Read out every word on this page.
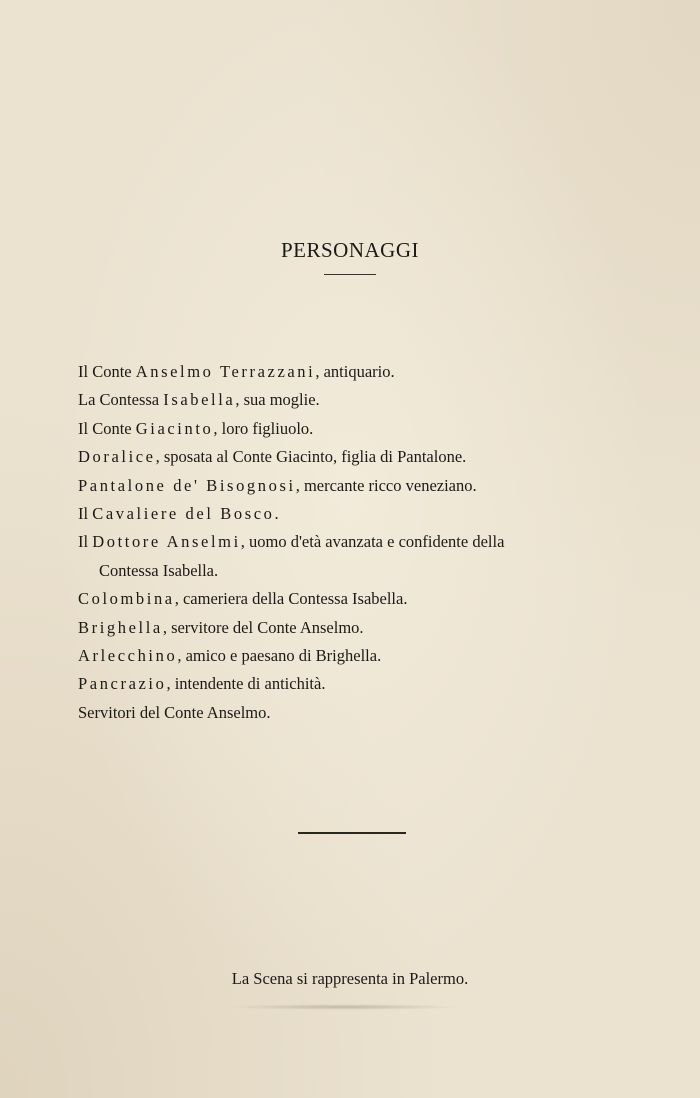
PERSONAGGI
Il Conte Anselmo Terrazzani, antiquario.
La Contessa Isabella, sua moglie.
Il Conte Giacinto, loro figliuolo.
Doralice, sposata al Conte Giacinto, figlia di Pantalone.
Pantalone de' Bisognosi, mercante ricco veneziano.
Il Cavaliere del Bosco.
Il Dottore Anselmi, uomo d'età avanzata e confidente della
Contessa Isabella.
Colombina, cameriera della Contessa Isabella.
Brighella, servitore del Conte Anselmo.
Arlecchino, amico e paesano di Brighella.
Pancrazio, intendente di antichità.
Servitori del Conte Anselmo.
La Scena si rappresenta in Palermo.
